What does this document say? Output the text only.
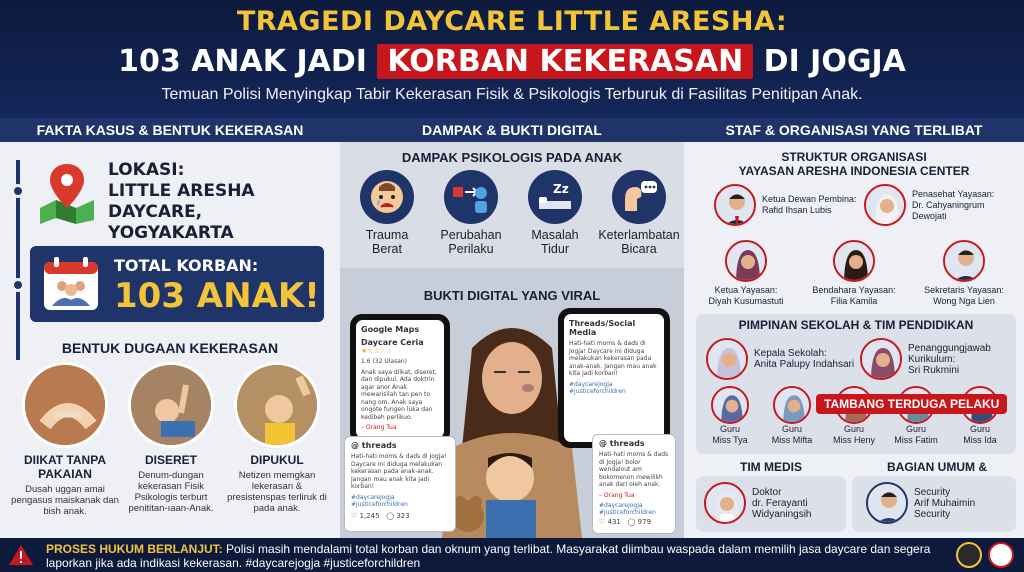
TRAGEDI DAYCARE LITTLE ARESHA:
103 ANAK JADI KORBAN KEKERASAN DI JOGJA
Temuan Polisi Menyingkap Tabir Kekerasan Fisik & Psikologis Terburuk di Fasilitas Penitipan Anak.
FAKTA KASUS & BENTUK KEKERASAN
LOKASI:
LITTLE ARESHA DAYCARE,
YOGYAKARTA
TOTAL KORBAN:
103 ANAK!
BENTUK DUGAAN KEKERASAN
DIIKAT TANPA
PAKAIAN
Dusah uggan amai pengasus maiskanak dan bish anak.
DISERET
Denum-dungan kekerasan Fisik Psikologis terburt penititan-ıaan-Anak.
DIPUKUL
Netizen memgkan lekerasan & presistenspas terliruk di pada anak.
DAMPAK & BUKTI DIGITAL
DAMPAK PSIKOLOGIS PADA ANAK
Trauma
Berat
Perubahan
Perilaku
Zz
Masalah
Tidur
Keterlambatan
Bicara
BUKTI DIGITAL YANG VIRAL
Google Maps
Daycare Ceria
★☆☆☆☆
1.6 (32 Ulasan)
Anak saya diikat, diseret, dan dipukul. Ada doktrin agar anor Anak mewarisilah tan pen to nang om. Anak saya ongote fungen luka dan kedibeh perlikuo.
– Orang Tua
Threads/Social Media
Hati-hati moms & dads di Jogja! Daycare ini diduga melakukan kekerasan pada anak-anak. Jangan mau anak kita jadi korban!
#daycarejogja #justiceforchildren
@ threads
Hati-hati moms & dads di Jogja! Daycare ini diduga melakukan kekerasan pada anak-anak. Jangan mau anak kita jadi korban!
#daycarejogja #justiceforchildren
♡ 1,245 ◯ 323
@ threads
Hati-hati moms & dads di Jogja! bolor wendalout am bokomenon mewilikh anak dari oleh anak.
– Orang Tua
#daycarejogja #justiceforchildren
♡ 431 ◯ 979
STAF & ORGANISASI YANG TERLIBAT
STRUKTUR ORGANISASI
YAYASAN ARESHA INDONESIA CENTER
Ketua Dewan Pembina:
Rafid Ihsan Lubis
Penasehat Yayasan:
Dr. Cahyaningrum
Dewojati
Ketua Yayasan:
Diyah Kusumastuti
Bendahara Yayasan:
Filia Kamila
Sekretaris Yayasan:
Wong Nga Lien
PIMPINAN SEKOLAH & TIM PENDIDIKAN
Kepala Sekolah:
Anita Palupy Indahsari
Penanggungjawab
Kurikulum:
Sri Rukmini
Guru
Miss Tya
Guru
Miss Mifta
Guru
Miss Heny
Guru
Miss Fatim
Guru
Miss Ida
TAMBANG TERDUGA PELAKU
TIM MEDIS
Doktor
dr. Ferayanti
Widyaningsih
BAGIAN UMUM &
Security
Arif Muhaimin
Security
PROSES HUKUM BERLANJUT: Polisi masih mendalami total korban dan oknum yang terlibat. Masyarakat diimbau waspada dalam memilih jasa daycare dan segera laporkan jika ada indikasi kekerasan. #daycarejogja #justiceforchildren
